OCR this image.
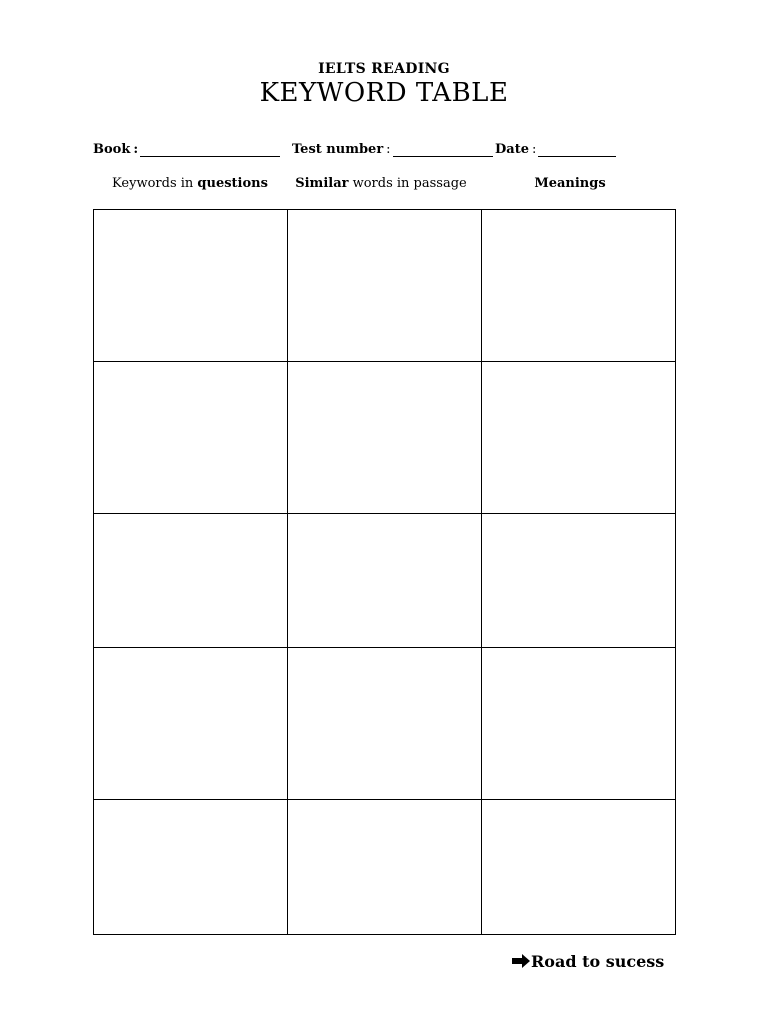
IELTS READING
KEYWORD TABLE
Book :	Test number :	Date :
Keywords in questions	Similar words in passage	Meanings

Road to sucess
